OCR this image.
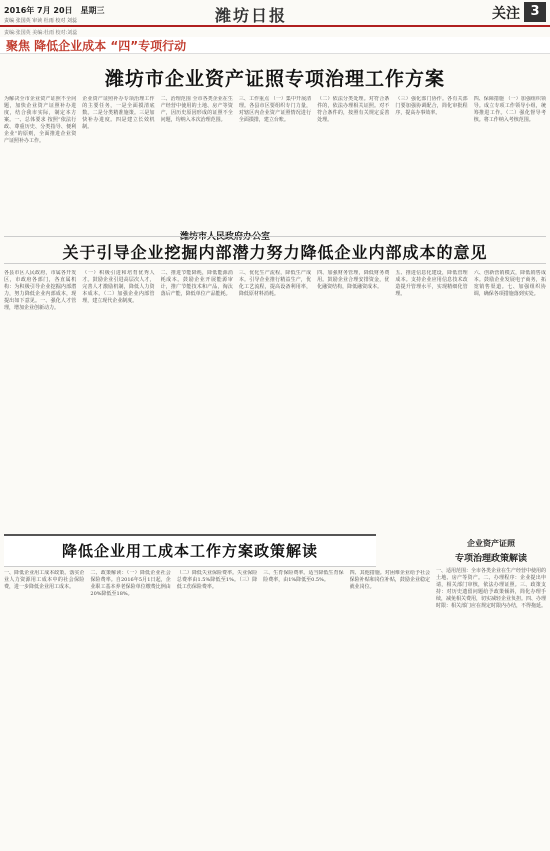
2016年 7月 20日　星期三
责编 张国英 审读 杜雨 校对 刘蕊	潍坊日报	关注 3
责编:张国英 美编:杜雨 校对:刘蕊
聚焦 降低企业成本 “四”专项行动
潍坊市企业资产证照专项治理工作方案
为解决全市企业资产证照不全问题，加快企业资产证照补办进度，结合我市实际，制定本方案。一、总体要求 按照“依法行政、尊重历史、分类指导、便利企业”的原则，全面推进企业资产证照补办工作。
企业资产证照补办专项治理工作的主要任务，一是全面摸清底数。二是分类精准施策。三是加快补办进度。四是建立长效机制。
二、治理范围 全市各类企业在生产经营中使用的土地、房产等资产，因历史原因形成的证照不全问题，均纳入本次治理范围。
三、工作重点 （一）集中开展清理。各县市区要组织专门力量，对辖区内企业资产证照情况进行全面摸排，建立台账。
（二）依法分类处理。对符合条件的，依法办理相关证照。对不符合条件的，按照有关规定妥善处理。
（三）强化部门协作。各有关部门要加强协调配合，简化审批程序，提高办事效率。
四、保障措施 （一）加强组织领导。成立专项工作领导小组，统筹推进工作。（二）强化督导考核。将工作纳入考核范围。
潍坊市人民政府办公室
关于引导企业挖掘内部潜力努力降低企业内部成本的意见
各县市区人民政府，市属各开发区，市政府各部门，各直属机构：为积极引导企业挖掘内部潜力，努力降低企业内部成本，现提出如下意见。一、强化人才管理，增加企业创新动力。
（一）积极引进和培育优秀人才。鼓励企业引进高层次人才，完善人才激励机制，降低人力资本成本。（二）加强企业内部管理，建立现代企业制度。
二、推进节能降耗，降低能源消耗成本。鼓励企业开展能源审计，推广节能技术和产品，淘汰落后产能，降低单位产品能耗。
三、优化生产流程，降低生产成本。引导企业推行精益生产，优化工艺流程，提高设备利用率，降低原材料消耗。
四、加强财务管理，降低财务费用。鼓励企业合理安排资金，优化融资结构，降低融资成本。
五、推进信息化建设，降低管理成本。支持企业应用信息技术改造提升管理水平，实现精细化管理。
六、创新营销模式，降低销售成本。鼓励企业发展电子商务，拓宽销售渠道。七、加强组织协调，确保各项措施落到实处。
降低企业用工成本工作方案政策解读
一、降低企业用工成本政策。落实企业人力资源用工成本中的社会保险费，进一步降低企业用工成本。
二、政策解读：（一）降低企业社会保险费率。自2016年5月1日起，企业职工基本养老保险单位缴费比例由20%降低至18%。
（二）降低失业保险费率。失业保险总费率由1.5%降低至1%。（三）降低工伤保险费率。
三、生育保险费率。适当降低生育保险费率，由1%降低至0.5%。
四、其他措施。对困难企业给予社会保险补贴和岗位补贴，鼓励企业稳定就业岗位。
企业资产证照
专项治理政策解读
一、适用范围：全市各类企业在生产经营中使用的土地、房产等资产。二、办理程序：企业提出申请，相关部门审核，依法办理证照。三、政策支持：对历史遗留问题给予政策倾斜，简化办理手续，减免相关费用，切实减轻企业负担。四、办理时限：相关部门应在规定时限内办结，不得拖延。
